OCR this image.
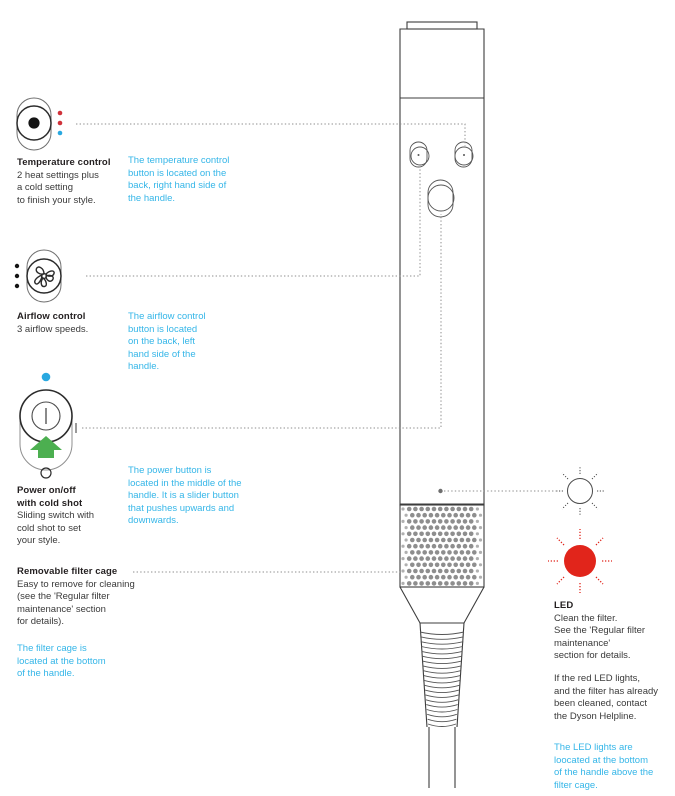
Temperature control
2 heat settings plus
a cold setting
to finish your style.
The temperature control
button is located on the
back, right hand side of
the handle.
Airflow control
3 airflow speeds.
The airflow control
button is located
on the back, left
hand side of the
handle.
Power on/off
with cold shot
Sliding switch with
cold shot to set
your style.
The power button is
located in the middle of the
handle. It is a slider button
that pushes upwards and
downwards.
Removable filter cage
Easy to remove for cleaning
(see the 'Regular filter
maintenance' section
for details).
The filter cage is
located at the bottom
of the handle.
LED
Clean the filter.
See the 'Regular filter
maintenance'
section for details.
If the red LED lights,
and the filter has already
been cleaned, contact
the Dyson Helpline.
The LED lights are
loocated at the bottom
of the handle above the
filter cage.
